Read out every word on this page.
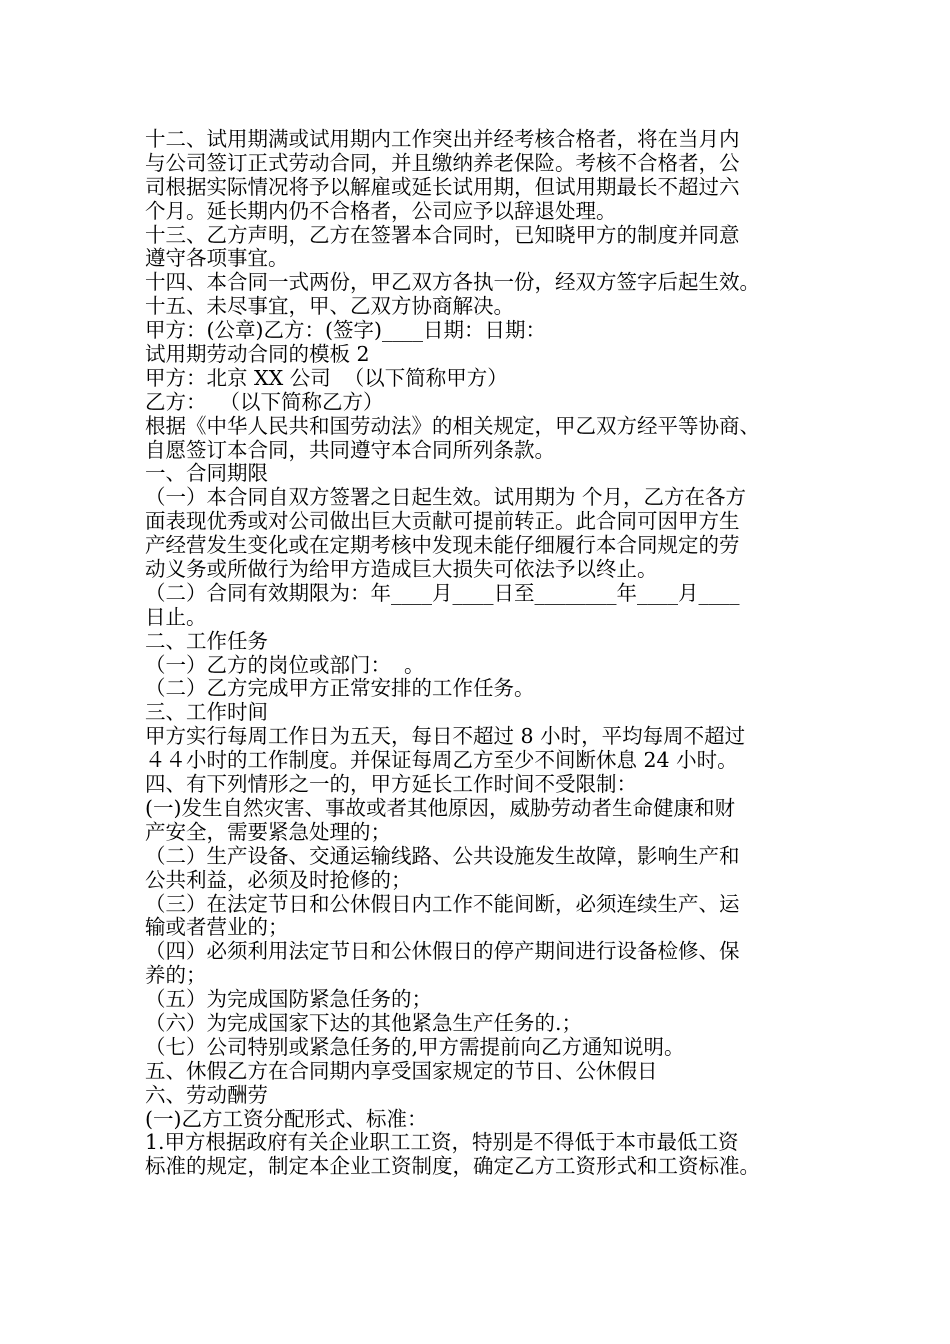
十二、试用期满或试用期内工作突出并经考核合格者，将在当月内

与公司签订正式劳动合同，并且缴纳养老保险。考核不合格者，公

司根据实际情况将予以解雇或延长试用期，但试用期最长不超过六

个月。延长期内仍不合格者，公司应予以辞退处理。

十三、乙方声明，乙方在签署本合同时，已知晓甲方的制度并同意

遵守各项事宜。

十四、本合同一式两份，甲乙双方各执一份，经双方签字后起生效。

十五、未尽事宜，甲、乙双方协商解决。

甲方：(公章)乙方：(签字)____日期：日期：

试用期劳动合同的模板 2

甲方：北京 XX 公司  （以下简称甲方）

乙方：  （以下简称乙方）

根据《中华人民共和国劳动法》的相关规定，甲乙双方经平等协商、

自愿签订本合同，共同遵守本合同所列条款。

一、合同期限

（一）本合同自双方签署之日起生效。试用期为 个月，乙方在各方

面表现优秀或对公司做出巨大贡献可提前转正。此合同可因甲方生

产经营发生变化或在定期考核中发现未能仔细履行本合同规定的劳

动义务或所做行为给甲方造成巨大损失可依法予以终止。

（二）合同有效期限为：年____月____日至________年____月____

日止。

二、工作任务

（一）乙方的岗位或部门：  。

（二）乙方完成甲方正常安排的工作任务。

三、工作时间

甲方实行每周工作日为五天，每日不超过 8 小时，平均每周不超过

４４小时的工作制度。并保证每周乙方至少不间断休息 24 小时。

四、有下列情形之一的，甲方延长工作时间不受限制：

(一)发生自然灾害、事故或者其他原因，威胁劳动者生命健康和财

产安全，需要紧急处理的；

（二）生产设备、交通运输线路、公共设施发生故障，影响生产和

公共利益，必须及时抢修的；

（三）在法定节日和公休假日内工作不能间断，必须连续生产、运

输或者营业的；

（四）必须利用法定节日和公休假日的停产期间进行设备检修、保

养的；

（五）为完成国防紧急任务的；

（六）为完成国家下达的其他紧急生产任务的.；

（七）公司特别或紧急任务的,甲方需提前向乙方通知说明。

五、休假乙方在合同期内享受国家规定的节日、公休假日

六、劳动酬劳

(一)乙方工资分配形式、标准：

1.甲方根据政府有关企业职工工资，特别是不得低于本市最低工资

标准的规定，制定本企业工资制度，确定乙方工资形式和工资标准。
